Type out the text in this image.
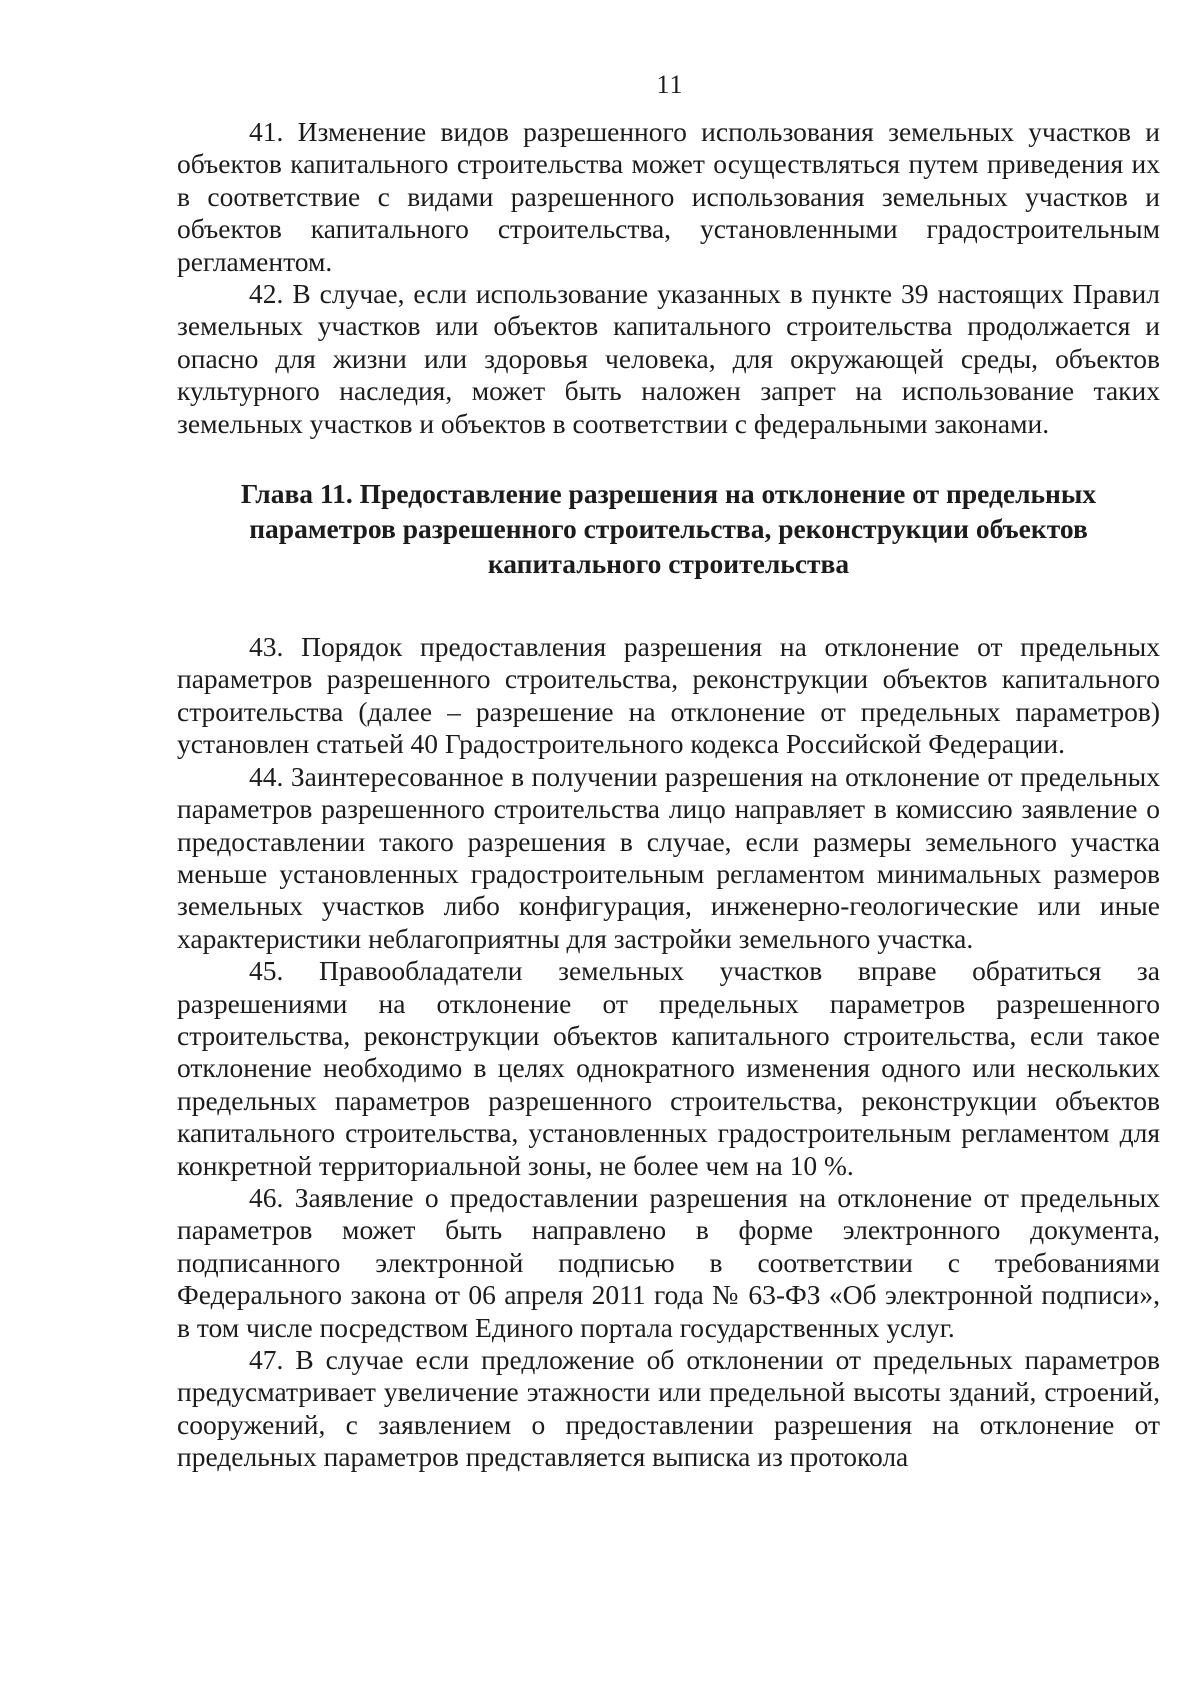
11

41. Изменение видов разрешенного использования земельных участков и объектов капитального строительства может осуществляться путем приведения их в соответствие с видами разрешенного использования земельных участков и объектов капитального строительства, установленными градостроительным регламентом.

42. В случае, если использование указанных в пункте 39 настоящих Правил земельных участков или объектов капитального строительства продолжается и опасно для жизни или здоровья человека, для окружающей среды, объектов культурного наследия, может быть наложен запрет на использование таких земельных участков и объектов в соответствии с федеральными законами.

Глава 11. Предоставление разрешения на отклонение от предельных параметров разрешенного строительства, реконструкции объектов капитального строительства

43. Порядок предоставления разрешения на отклонение от предельных параметров разрешенного строительства, реконструкции объектов капитального строительства (далее – разрешение на отклонение от предельных параметров) установлен статьей 40 Градостроительного кодекса Российской Федерации.

44. Заинтересованное в получении разрешения на отклонение от предельных параметров разрешенного строительства лицо направляет в комиссию заявление о предоставлении такого разрешения в случае, если размеры земельного участка меньше установленных градостроительным регламентом минимальных размеров земельных участков либо конфигурация, инженерно-геологические или иные характеристики неблагоприятны для застройки земельного участка.

45. Правообладатели земельных участков вправе обратиться за разрешениями на отклонение от предельных параметров разрешенного строительства, реконструкции объектов капитального строительства, если такое отклонение необходимо в целях однократного изменения одного или нескольких предельных параметров разрешенного строительства, реконструкции объектов капитального строительства, установленных градостроительным регламентом для конкретной территориальной зоны, не более чем на 10 %.

46. Заявление о предоставлении разрешения на отклонение от предельных параметров может быть направлено в форме электронного документа, подписанного электронной подписью в соответствии с требованиями Федерального закона от 06 апреля 2011 года № 63-ФЗ «Об электронной подписи», в том числе посредством Единого портала государственных услуг.

47. В случае если предложение об отклонении от предельных параметров предусматривает увеличение этажности или предельной высоты зданий, строений, сооружений, с заявлением о предоставлении разрешения на отклонение от предельных параметров представляется выписка из протокола
